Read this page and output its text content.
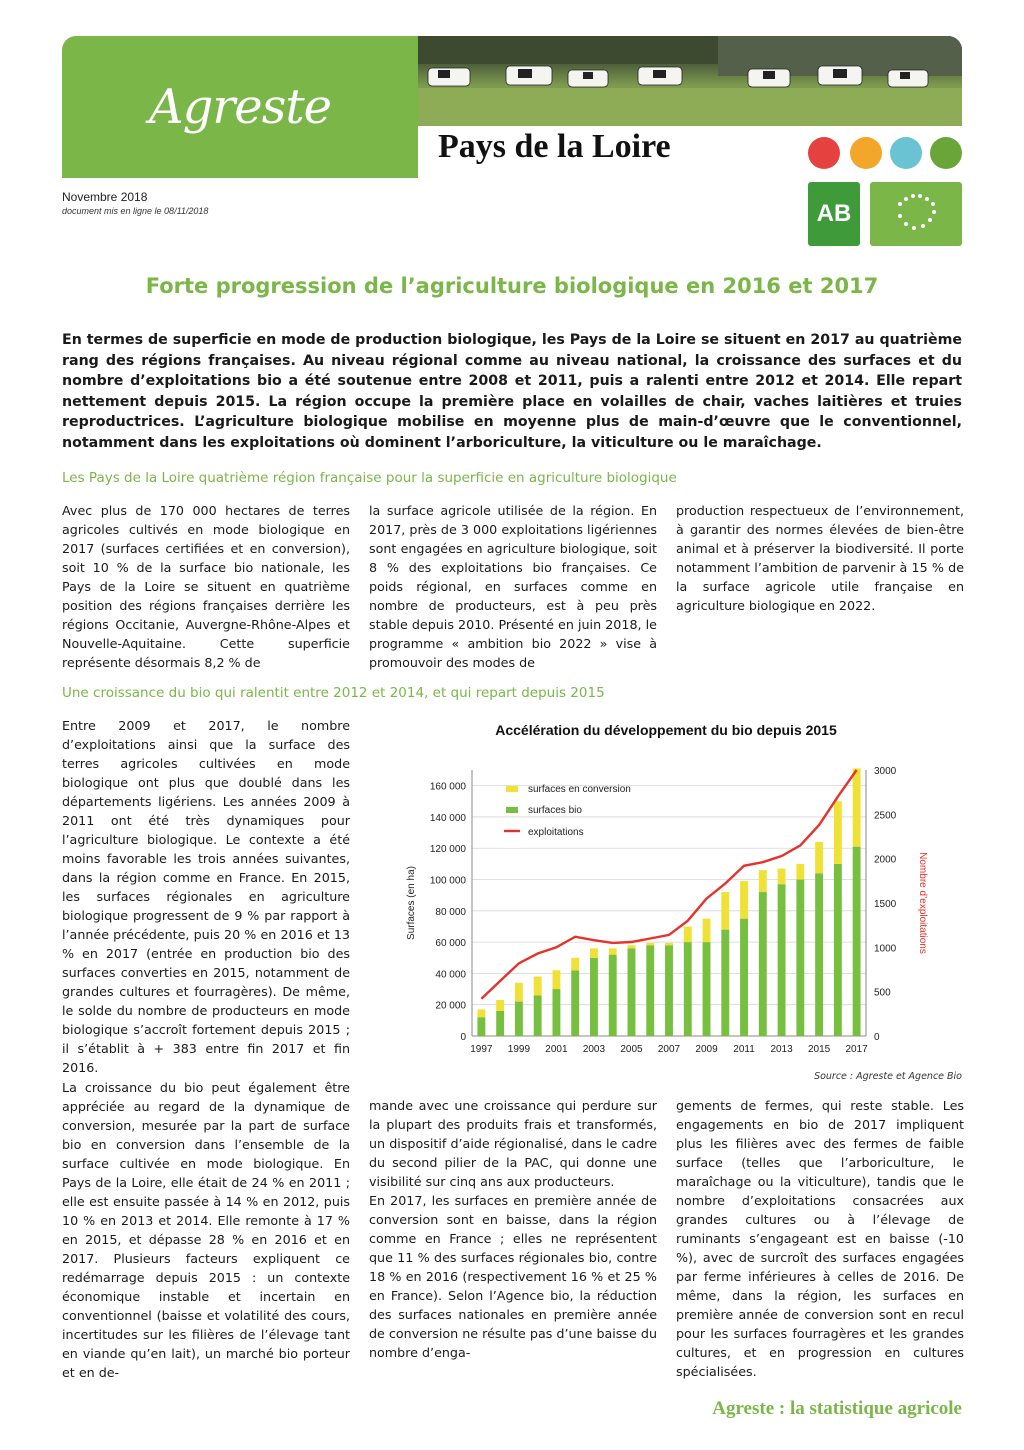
Agreste
Pays de la Loire
AB
Novembre 2018
document mis en ligne le 08/11/2018
Forte progression de l’agriculture biologique en 2016 et 2017
En termes de superficie en mode de production biologique, les Pays de la Loire se situent en 2017 au quatrième rang des régions françaises. Au niveau régional comme au niveau national, la croissance des surfaces et du nombre d’exploitations bio a été soutenue entre 2008 et 2011, puis a ralenti entre 2012 et 2014. Elle repart nettement depuis 2015. La région occupe la première place en volailles de chair, vaches laitières et truies reproductrices. L’agriculture biologique mobilise en moyenne plus de main-d’œuvre que le conventionnel, notamment dans les exploitations où dominent l’arboriculture, la viticulture ou le maraîchage.
Les Pays de la Loire quatrième région française pour la superficie en agriculture biologique
Avec plus de 170 000 hectares de terres agricoles cultivés en mode biologique en 2017 (surfaces certifiées et en conversion), soit 10 % de la surface bio nationale, les Pays de la Loire se situent en quatrième position des régions françaises derrière les régions Occitanie, Auvergne-Rhône-Alpes et Nouvelle-Aquitaine. Cette superficie représente désormais 8,2 % de
la surface agricole utilisée de la région. En 2017, près de 3 000 exploitations ligériennes sont engagées en agriculture biologique, soit 8 % des exploitations bio françaises. Ce poids régional, en surfaces comme en nombre de producteurs, est à peu près stable depuis 2010. Présenté en juin 2018, le programme « ambition bio 2022 » vise à promouvoir des modes de
production respectueux de l’environnement, à garantir des normes élevées de bien-être animal et à préserver la biodiversité. Il porte notamment l’ambition de parvenir à 15 % de la surface agricole utile française en agriculture biologique en 2022.
Une croissance du bio qui ralentit entre 2012 et 2014, et qui repart depuis 2015
Entre 2009 et 2017, le nombre d’exploitations ainsi que la surface des terres agricoles cultivées en mode biologique ont plus que doublé dans les départements ligériens. Les années 2009 à 2011 ont été très dynamiques pour l’agriculture biologique. Le contexte a été moins favorable les trois années suivantes, dans la région comme en France. En 2015, les surfaces régionales en agriculture biologique progressent de 9 % par rapport à l’année précédente, puis 20 % en 2016 et 13 % en 2017 (entrée en production bio des surfaces converties en 2015, notamment de grandes cultures et fourragères). De même, le solde du nombre de producteurs en mode biologique s’accroît fortement depuis 2015 ; il s’établit à + 383 entre fin 2017 et fin 2016.
La croissance du bio peut également être appréciée au regard de la dynamique de conversion, mesurée par la part de surface bio en conversion dans l’ensemble de la surface cultivée en mode biologique. En Pays de la Loire, elle était de 24 % en 2011 ; elle est ensuite passée à 14 % en 2012, puis 10 % en 2013 et 2014. Elle remonte à 17 % en 2015, et dépasse 28 % en 2016 et en 2017. Plusieurs facteurs expliquent ce redémarrage depuis 2015 : un contexte économique instable et incertain en conventionnel (baisse et volatilité des cours, incertitudes sur les filières de l’élevage tant en viande qu’en lait), un marché bio porteur et en de-
mande avec une croissance qui perdure sur la plupart des produits frais et transformés, un dispositif d’aide régionalisé, dans le cadre du second pilier de la PAC, qui donne une visibilité sur cinq ans aux producteurs.
En 2017, les surfaces en première année de conversion sont en baisse, dans la région comme en France ; elles ne représentent que 11 % des surfaces régionales bio, contre 18 % en 2016 (respectivement 16 % et 25 % en France). Selon l’Agence bio, la réduction des surfaces nationales en première année de conversion ne résulte pas d’une baisse du nombre d’enga-
gements de fermes, qui reste stable. Les engagements en bio de 2017 impliquent plus les filières avec des fermes de faible surface (telles que l’arboriculture, le maraîchage ou la viticulture), tandis que le nombre d’exploitations consacrées aux grandes cultures ou à l’élevage de ruminants s’engageant est en baisse (-10 %), avec de surcroît des surfaces engagées par ferme inférieures à celles de 2016. De même, dans la région, les surfaces en première année de conversion sont en recul pour les surfaces fourragères et les grandes cultures, et en progression en cultures spécialisées.
Accélération du développement du bio depuis 2015
0
20 000
40 000
60 000
80 000
100 000
120 000
140 000
160 000
0
500
1000
1500
2000
2500
3000
1997 1999 2001 2003 2005 2007 2009 2011 2013 2015 2017
Surfaces (en ha)	Nombre d’exploitations
surfaces en conversion
surfaces bio
exploitations
Source : Agreste et Agence Bio
Agreste : la statistique agricole
